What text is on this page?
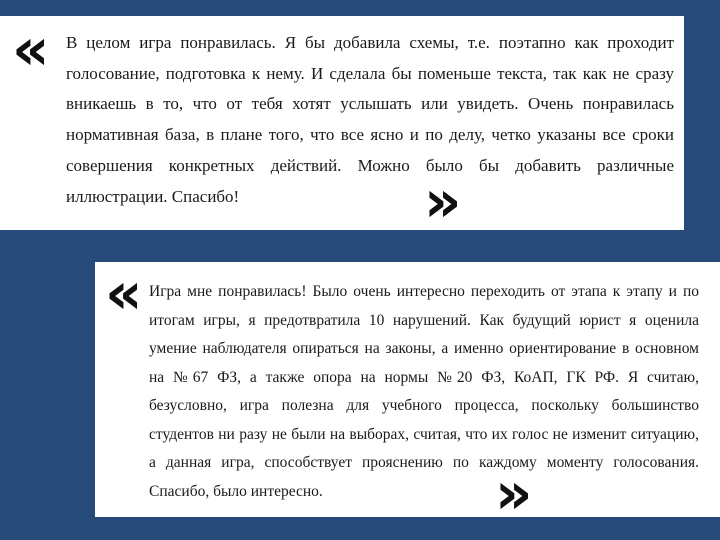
« В целом игра понравилась. Я бы добавила схемы, т.е. поэтапно как проходит голосование, подготовка к нему. И сделала бы поменьше текста, так как не сразу вникаешь в то, что от тебя хотят услышать или увидеть. Очень понравилась нормативная база, в плане того, что все ясно и по делу, четко указаны все сроки совершения конкретных действий. Можно было бы добавить различные иллюстрации. Спасибо!	»
« Игра мне понравилась! Было очень интересно переходить от этапа к этапу и по итогам игры, я предотвратила 10 нарушений. Как будущий юрист я оценила умение наблюдателя опираться на законы, а именно ориентирование в основном на №67 ФЗ, а также опора на нормы №20 ФЗ, КоАП, ГК РФ. Я считаю, безусловно, игра полезна для учебного процесса, поскольку большинство студентов ни разу не были на выборах, считая, что их голос не изменит ситуацию, а данная игра, способствует прояснению по каждому моменту голосования. Спасибо, было интересно.	»
